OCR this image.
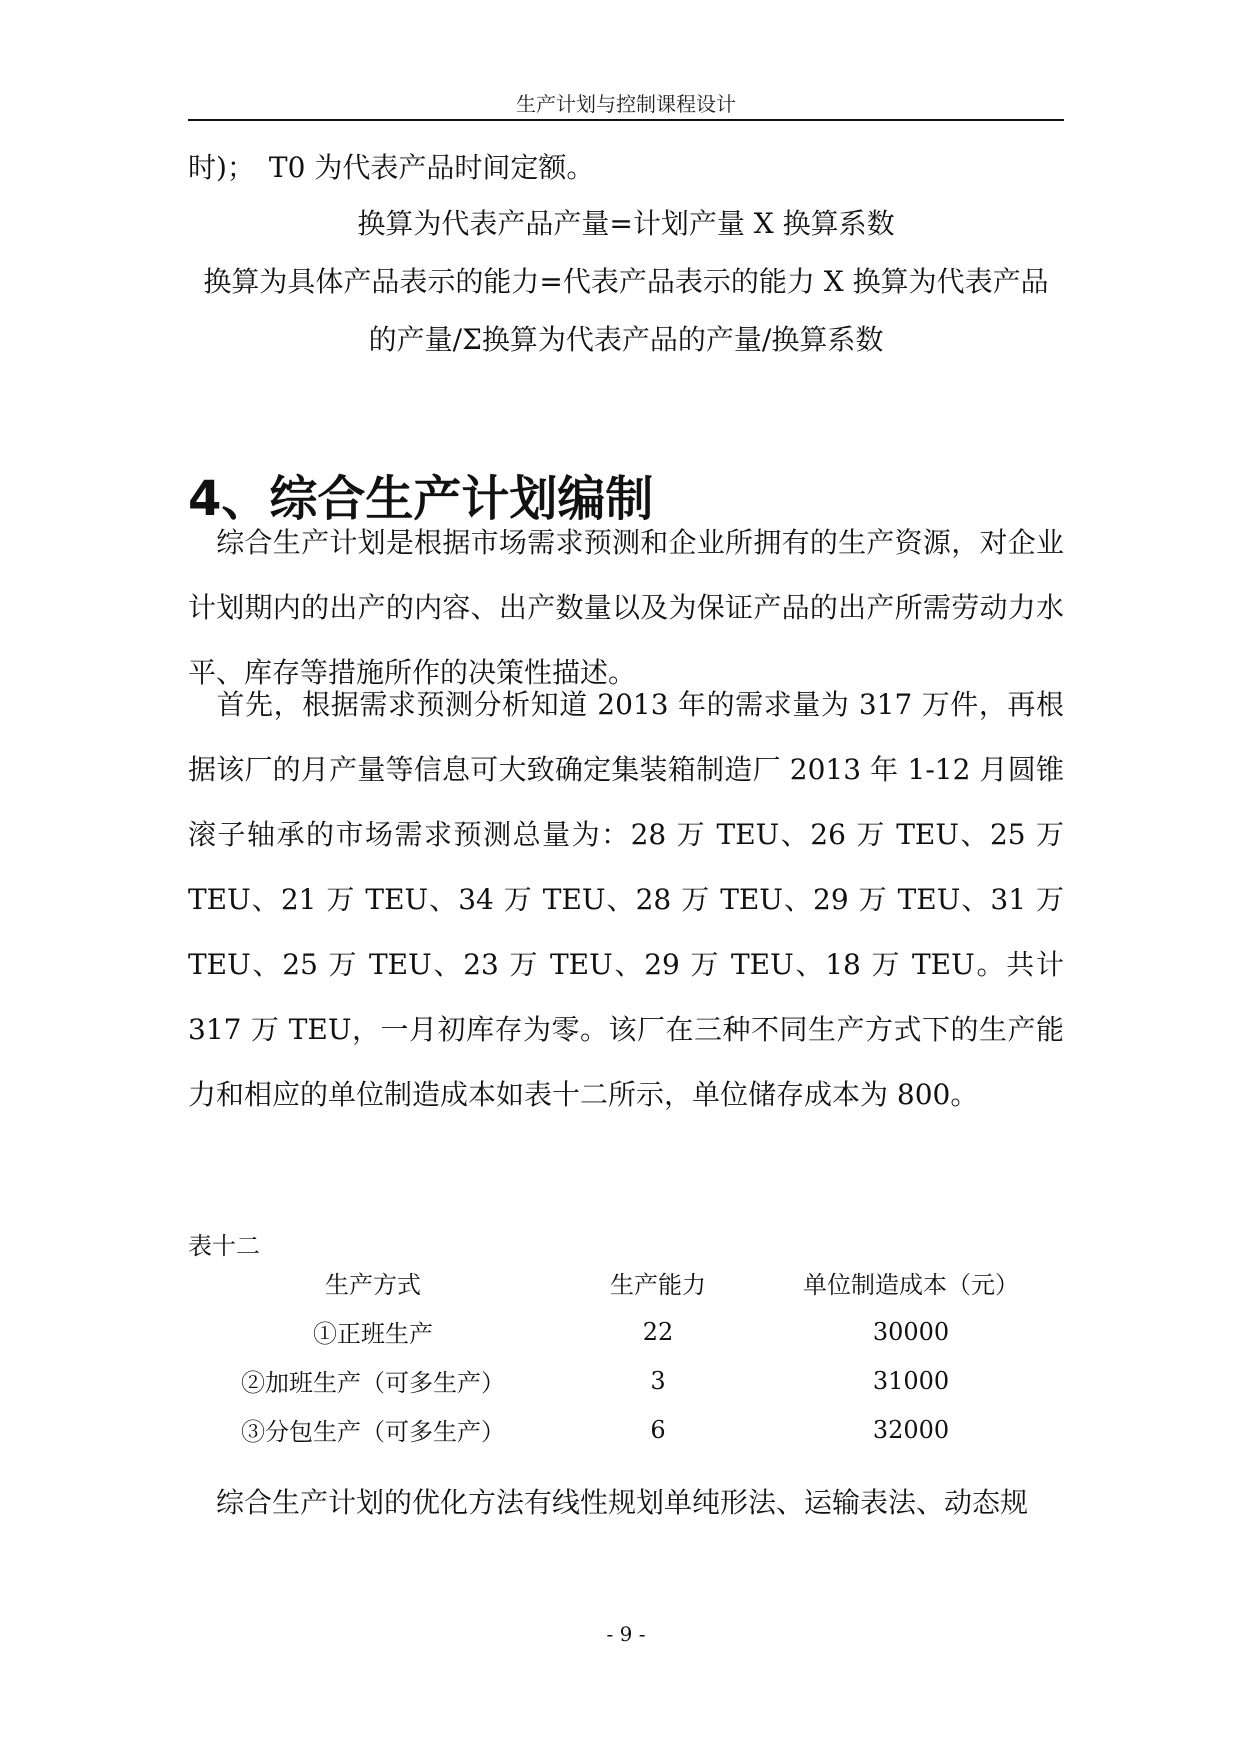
生产计划与控制课程设计
时)；　T0 为代表产品时间定额。
换算为代表产品产量=计划产量 X 换算系数
换算为具体产品表示的能力=代表产品表示的能力 X 换算为代表产品
的产量/Σ换算为代表产品的产量/换算系数
4、综合生产计划编制
　综合生产计划是根据市场需求预测和企业所拥有的生产资源，对企业计划期内的出产的内容、出产数量以及为保证产品的出产所需劳动力水平、库存等措施所作的决策性描述。
　首先，根据需求预测分析知道 2013 年的需求量为 317 万件，再根据该厂的月产量等信息可大致确定集装箱制造厂 2013 年 1-12 月圆锥滚子轴承的市场需求预测总量为：28 万 TEU、26 万 TEU、25 万 TEU、21 万 TEU、34 万 TEU、28 万 TEU、29 万 TEU、31 万 TEU、25 万 TEU、23 万 TEU、29 万 TEU、18 万 TEU。共计 317 万 TEU，一月初库存为零。该厂在三种不同生产方式下的生产能力和相应的单位制造成本如表十二所示，单位储存成本为 800。
表十二
生产方式	生产能力	单位制造成本（元）
①正班生产	22	30000
②加班生产（可多生产）	3	31000
③分包生产（可多生产）	6	32000
　综合生产计划的优化方法有线性规划单纯形法、运输表法、动态规
- 9 -
